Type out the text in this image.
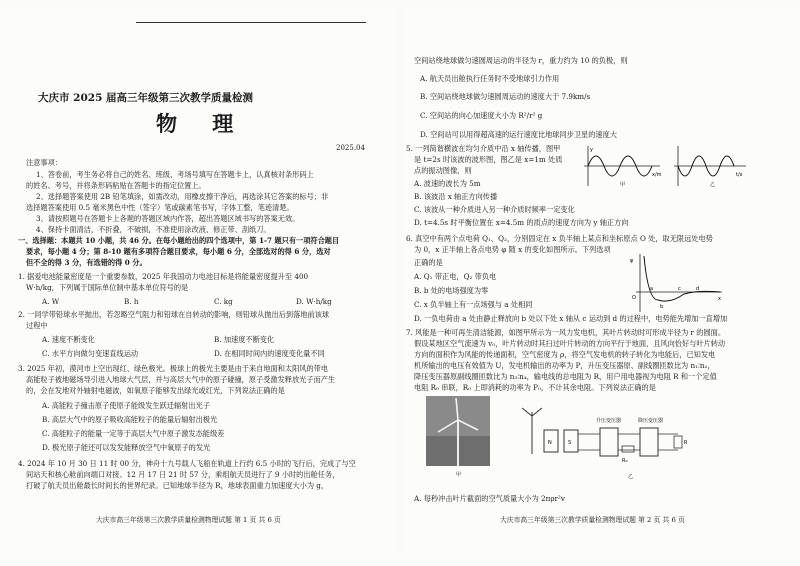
大庆市 2025 届高三年级第三次教学质量检测
物 理
2025.04
注意事项：
1、答卷前，考生务必将自己的姓名、班级、考场号填写在答题卡上，认真核对条形码上
的姓名、考号，并将条形码粘贴在答题卡的指定位置上。
2、选择题答案使用 2B 铅笔填涂，如需改动，用橡皮擦干净后，再选涂其它答案的标号；非
选择题答案使用 0.5 毫米黑色中性（签字）笔或碳素笔书写，字体工整，笔迹清楚。
3、请按照题号在答题卡上各题的答题区域内作答，超出答题区域书写的答案无效。
4、保持卡面清洁，不折叠，不破损，不准使用涂改液、修正带、刮纸刀。
一、选择题：本题共 10 小题，共 46 分。在每小题给出的四个选项中，第 1-7 题只有一项符合题目
要求，每小题 4 分；第 8-10 题有多项符合题目要求，每小题 6 分，全部选对的得 6 分，选对
但不全的得 3 分，有选错的得 0 分。
1. 据爱电池能量密度是一个重要参数，2025 年我国动力电池目标是将能量密度提升至 400
W·h/kg，下列属于国际单位制中基本单位符号的是
A. W	B. h	C. kg	D. W·h/kg
2. 一同学带铅球水平抛出，若忽略空气阻力和铅球在自转动的影响，则铅球从抛出后到落地前该球
过程中
A. 速度不断变化	B. 加速度不断变化
C. 水平方向做匀变速直线运动	D. 在相同时间内的速度变化量不同
3. 2025 年初，漠河市上空出现红、绿色极光。极球上的极光主要是由于来自地面和太阳风的带电
高能粒子被地磁场导引进入地球大气层，并与高层大气中的原子碰撞，原子受激发释放光子而产生
的，会在发地对外轴射电磁波，如氧原子能够发出绿光或红光，下列说法正确的是
A. 高能粒子撞击原子使原子能级发生跃迁辐射出光子
B. 高层大气中的原子吸收高能粒子的能量后辐射出极光
C. 高能粒子的能量一定等于高层大气中原子激发态能级差
D. 极光原子能还可以发发能释放空气中氧原子的发光
4. 2024 年 10 月 30 日 11 时 00 分，神舟十九号载人飞船在轨道上行约 6.5 小时的飞行后，完成了与空
间站天和核心舱前向端口对接。12 月 17 日 21 时 57 分，乘组航天员进行了 9 小时的出舱任务，
打破了航天员出舱最长时间长的世界纪录。已知地球半径为 R，地球表面重力加速度大小为 g，
大庆市高三年级第三次教学质量检测物理试题 第 1 页 共 6 页
空间站绕地球做匀速圆周运动的半径为 r，重力约为 10 的负极，则
A. 航天员出舱执行任务时不受地球引力作用
B. 空间站绕地球做匀速圆周运动的速度大于 7.9km/s
C. 空间站的向心加速度大小为 R²/r² g
D. 空间站可以用得超高速的运行速度比地球同步卫星的速度大
5. 一列简谐横波在均匀介质中沿 x 轴传播，图甲
是 t=2s 时该波的波形图，图乙是 x=1m 处质
点的振动图像，则
A. 波速的波长为 5m
B. 该波沿 x 轴正方向传播
C. 该波从一种介质进入另一种介质时频率一定变化
D. t=4.5s 时平衡位置在 x=4.5m 的质点的速度方向为 y 轴正方向
x/m
y
甲
t/s
乙
6. 真空中有两个点电荷 Q₁、Q₂，分别固定在 x 负半轴上某点和坐标原点 O 处，取无限远处电势
为 0，x 正半轴上各点电势 φ 随 x 的变化如图所示。下列选项
正确的是
A. Q₁ 带正电，Q₂ 带负电
B. b 处的电场强度为零
C. x 负半轴上有一点场强与 a 处相同
D. 一负电荷由 a 处由静止释放向 b 处以下处 x 轴从 c 运动到 d 的过程中，电势能先增加一直增加
φ
O	x
a
b
c	d
7. 风能是一种可再生清洁能源，如图甲所示为一风力发电机，其叶片转动时可形成半径为 r 的圆面。
假设某地区空气流速为 v₀，叶片转动时其扫过叶片转动的方向平行于地面，且风向恰好与叶片转动
方向的面积作为风能的传递面积，空气密度为 ρ，将空气发电机的转子转化为电能后，已知发电
机所输出的电压有效值为 U，发电机输出的功率为 P，升压变压器原、副线圈匝数比为 n₁∶n₂，
降压变压器原副线圈匝数比为 n₃∶n₄，输电线的总电阻为 R，用户用电器视为电阻 R 和一个定值
电阻 R₀ 串联，R₀ 上即消耗的功率为 P₀，不计其余电阻。下列说法正确的是
甲
N	S
R₀
R
升压变压器	降压变压器
乙
A. 每秒冲击叶片截面的空气质量大小为 2πρr²v
大庆市高三年级第三次教学质量检测物理试题 第 2 页 共 6 页
